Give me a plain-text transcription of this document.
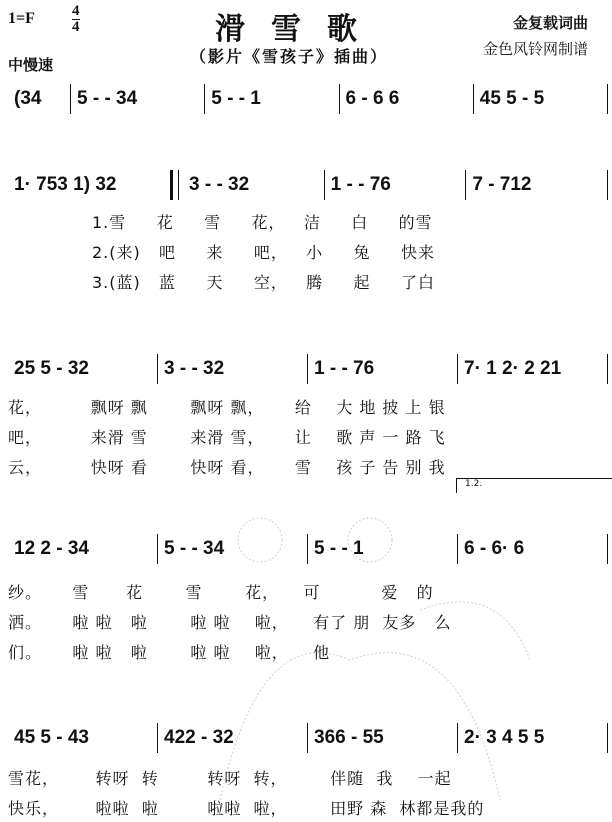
1=F 4
4	滑雪歌
（影片《雪孩子》插曲）
中慢速
金复载词曲
金色风铃网制谱
(34	5 - - 34	5 - - 1	6 - 6 6	45 5 - 5
1· 753 1) 32	3 - - 32	1 - - 76	7 - 712
1.雪     花     雪     花，   洁     白     的雪
2.(来)   吧     来     吧，   小     兔     快来
3.(蓝)   蓝     天     空，   腾     起     了白
25 5 - 32	3 - - 32	1 - - 76	7· 1 2· 2 21
花，        飘呀 飘       飘呀 飘，     给    大 地 披 上 银
吧，        来滑 雪       来滑 雪，     让    歌 声 一 路 飞
云，        快呀 看       快呀 看，     雪    孩 子 告 别 我
1.2.
12 2 - 34	5 - - 34	5 - - 1	6 - 6· 6
纱。     雪      花       雪       花，    可          爱   的
洒。     啦 啦   啦       啦 啦    啦，    有了 朋  友多   么
们。     啦 啦   啦       啦 啦    啦，    他
45 5 - 43	422 - 32	366 - 55	2· 3 4 5 5
雪花，      转呀  转        转呀  转，       伴随  我    一起
快乐，      啦啦  啦        啦啦  啦，       田野 森  林都是我的
